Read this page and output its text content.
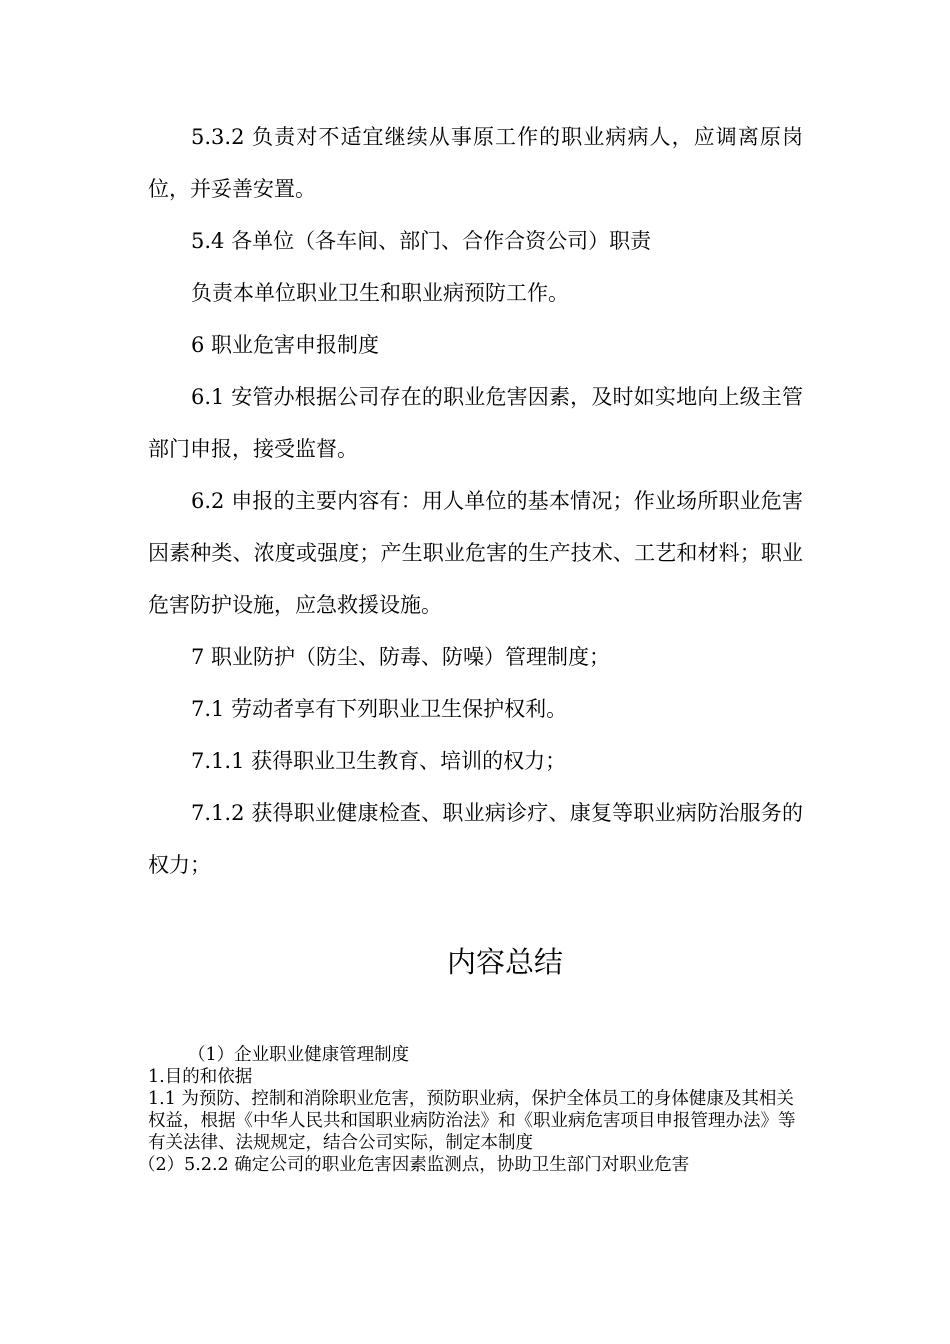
5.3.2 负责对不适宜继续从事原工作的职业病病人，应调离原岗位，并妥善安置。

5.4 各单位（各车间、部门、合作合资公司）职责

负责本单位职业卫生和职业病预防工作。

6 职业危害申报制度

6.1 安管办根据公司存在的职业危害因素，及时如实地向上级主管部门申报，接受监督。

6.2 申报的主要内容有：用人单位的基本情况；作业场所职业危害因素种类、浓度或强度；产生职业危害的生产技术、工艺和材料；职业危害防护设施，应急救援设施。

7 职业防护（防尘、防毒、防噪）管理制度；

7.1 劳动者享有下列职业卫生保护权利。

7.1.1 获得职业卫生教育、培训的权力；

7.1.2 获得职业健康检查、职业病诊疗、康复等职业病防治服务的权力；

内容总结

（1）企业职业健康管理制度

1.目的和依据

1.1 为预防、控制和消除职业危害，预防职业病，保护全体员工的身体健康及其相关权益，根据《中华人民共和国职业病防治法》和《职业病危害项目申报管理办法》等有关法律、法规规定，结合公司实际，制定本制度

（2）5.2.2 确定公司的职业危害因素监测点，协助卫生部门对职业危害
